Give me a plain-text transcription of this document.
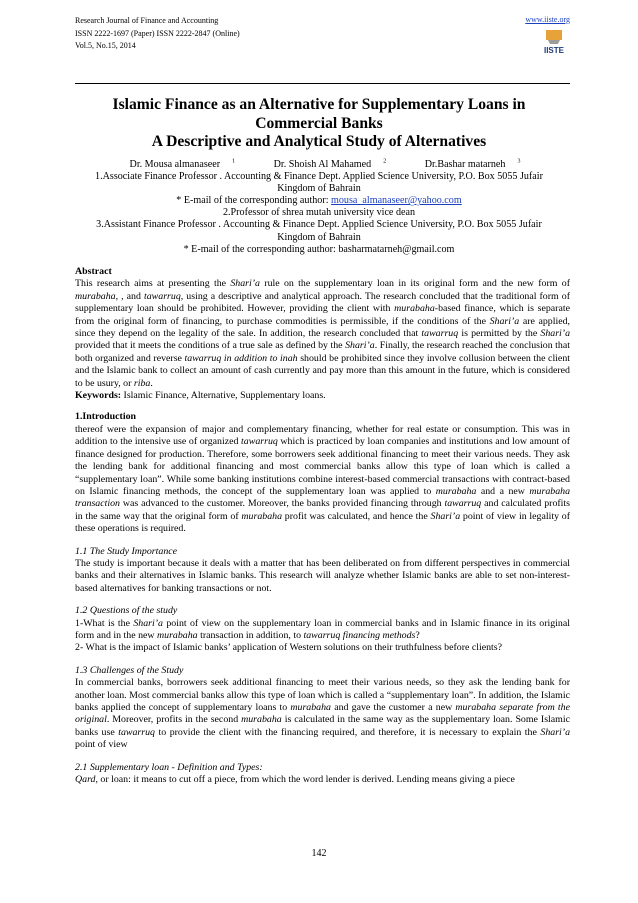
Research Journal of Finance and Accounting
ISSN 2222-1697 (Paper) ISSN 2222-2847 (Online)
Vol.5, No.15, 2014
www.iiste.org
IISTE
Islamic Finance as an Alternative for Supplementary Loans in
Commercial Banks
A Descriptive and Analytical Study of Alternatives
Dr. Mousa almanaseer $^1$	Dr. Shoish Al Mahamed $^2$	Dr.Bashar matarneh $^3$
1.Associate Finance Professor . Accounting & Finance Dept. Applied Science University, P.O. Box 5055 Jufair
Kingdom of Bahrain
* E-mail of the corresponding author: mousa_almanaseer@yahoo.com
2.Professor of shrea mutah university vice dean
3.Assistant Finance Professor . Accounting & Finance Dept. Applied Science University, P.O. Box 5055 Jufair
Kingdom of Bahrain
* E-mail of the corresponding author: basharmatarneh@gmail.com

Abstract

This research aims at presenting the Shari’a rule on the supplementary loan in its original form and the new form of murabaha, , and tawarruq, using a descriptive and analytical approach. The research concluded that the traditional form of supplementary loan should be prohibited. However, providing the client with murabaha-based finance, which is separate from the original form of financing, to purchase commodities is permissible, if the conditions of the Shari’a are applied, since they depend on the legality of the sale. In addition, the research concluded that tawarruq is permitted by the Shari’a provided that it meets the conditions of a true sale as defined by the Shari’a. Finally, the research reached the conclusion that both organized and reverse tawarruq in addition to inah should be prohibited since they involve collusion between the client and the Islamic bank to collect an amount of cash currently and pay more than this amount in the future, which is considered to be usury, or riba.

Keywords: Islamic Finance, Alternative, Supplementary loans.

1.Introduction

thereof were the expansion of major and complementary financing, whether for real estate or consumption. This was in addition to the intensive use of organized tawarruq which is practiced by loan companies and institutions and low amount of finance designed for production. Therefore, some borrowers seek additional financing to meet their various needs. They ask the lending bank for additional financing and most commercial banks allow this type of loan which is called a “supplementary loan”. While some banking institutions combine interest-based commercial transactions with contract-based on Islamic financing methods, the concept of the supplementary loan was applied to murabaha and a new murabaha transaction was advanced to the customer. Moreover, the banks provided financing through tawarruq and calculated profits in the same way that the original form of murabaha profit was calculated, and hence the Shari’a point of view in legality of these operations is required.

1.1 The Study Importance

The study is important because it deals with a matter that has been deliberated on from different perspectives in commercial banks and their alternatives in Islamic banks. This research will analyze whether Islamic banks are able to set non-interest-based alternatives for banking transactions or not.

1.2 Questions of the study

1-What is the Shari’a point of view on the supplementary loan in commercial banks and in Islamic finance in its original form and in the new murabaha transaction in addition, to tawarruq financing methods?

2- What is the impact of Islamic banks’ application of Western solutions on their truthfulness before clients?

1.3 Challenges of the Study

In commercial banks, borrowers seek additional financing to meet their various needs, so they ask the lending bank for another loan. Most commercial banks allow this type of loan which is called a “supplementary loan”. In addition, the Islamic banks applied the concept of supplementary loans to murabaha and gave the customer a new murabaha separate from the original. Moreover, profits in the second murabaha is calculated in the same way as the supplementary loan. Some Islamic banks use tawarruq to provide the client with the financing required, and therefore, it is necessary to explain the Shari’a point of view

2.1 Supplementary loan - Definition and Types:

Qard, or loan: it means to cut off a piece, from which the word lender is derived. Lending means giving a piece

142
